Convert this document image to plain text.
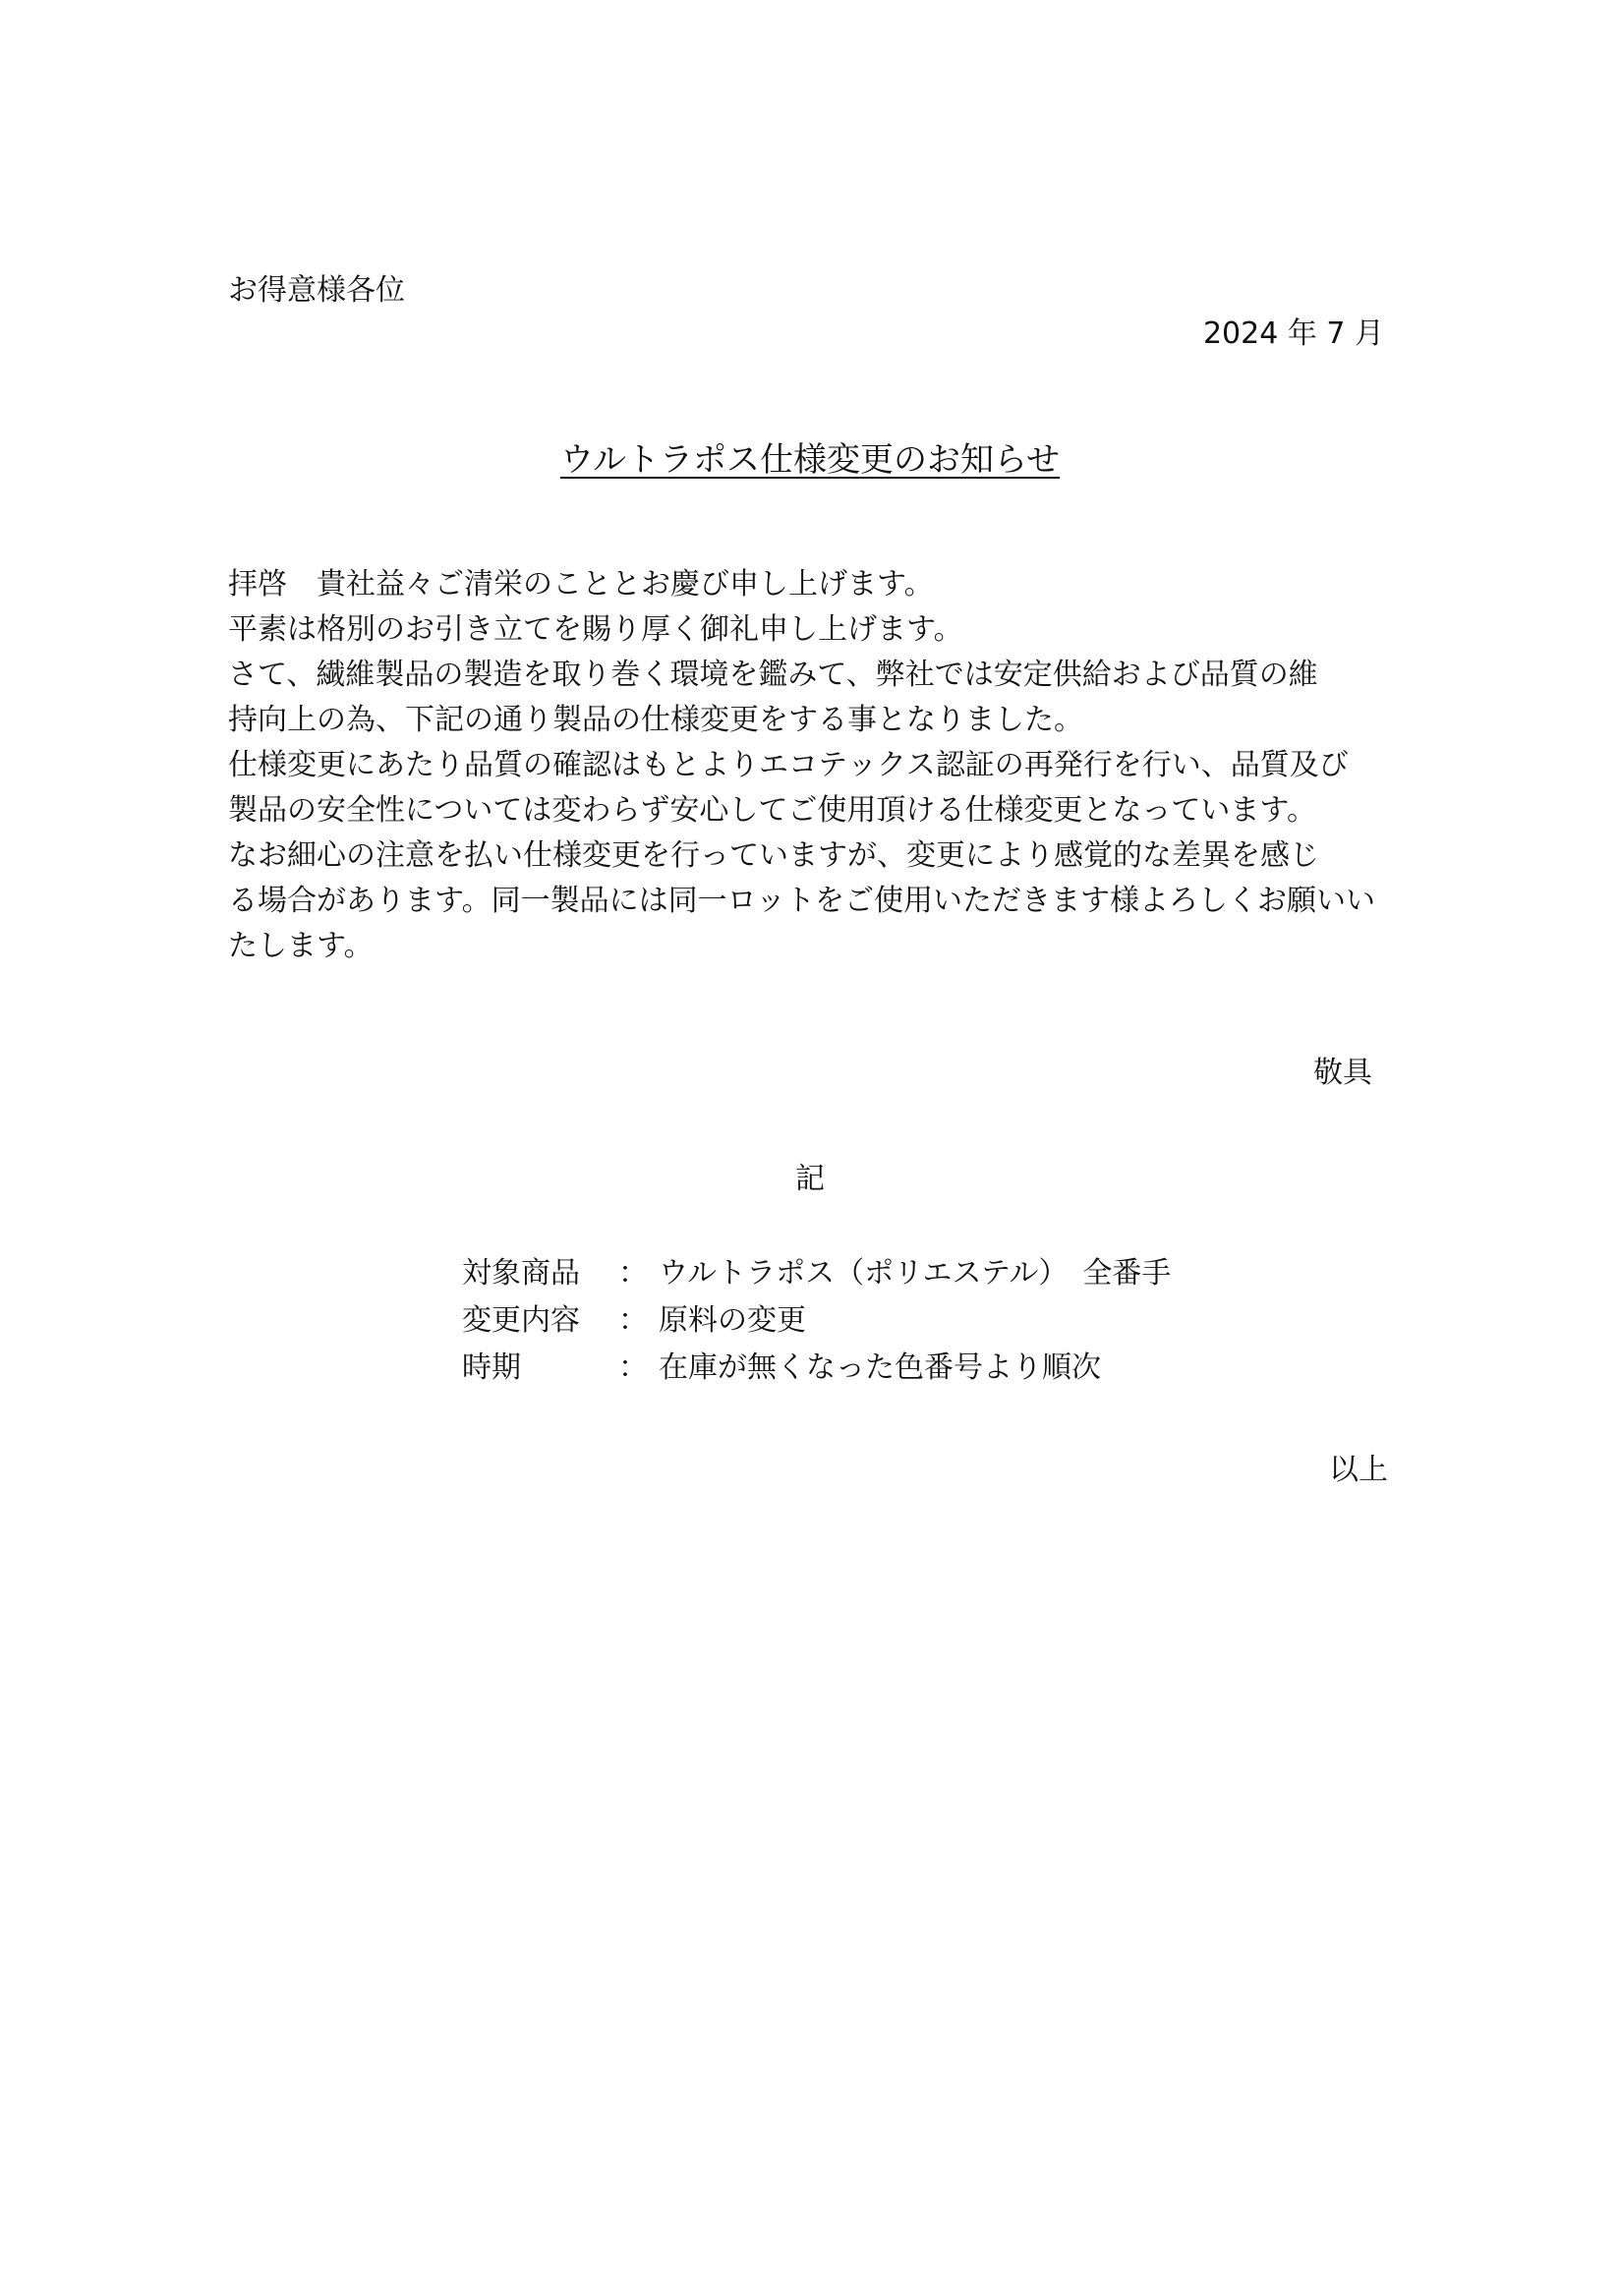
お得意様各位
2024 年 7 月
ウルトラポス仕様変更のお知らせ

拝啓　貴社益々ご清栄のこととお慶び申し上げます。

平素は格別のお引き立てを賜り厚く御礼申し上げます。

さて、繊維製品の製造を取り巻く環境を鑑みて、弊社では安定供給および品質の維

持向上の為、下記の通り製品の仕様変更をする事となりました。

仕様変更にあたり品質の確認はもとよりエコテックス認証の再発行を行い、品質及び

製品の安全性については変わらず安心してご使用頂ける仕様変更となっています。

なお細心の注意を払い仕様変更を行っていますが、変更により感覚的な差異を感じ

る場合があります。同一製品には同一ロットをご使用いただきます様よろしくお願いい

たします。

敬具
記
対象商品	： ウルトラポス（ポリエステル）　全番手
変更内容	： 原料の変更
時期	： 在庫が無くなった色番号より順次
以上
